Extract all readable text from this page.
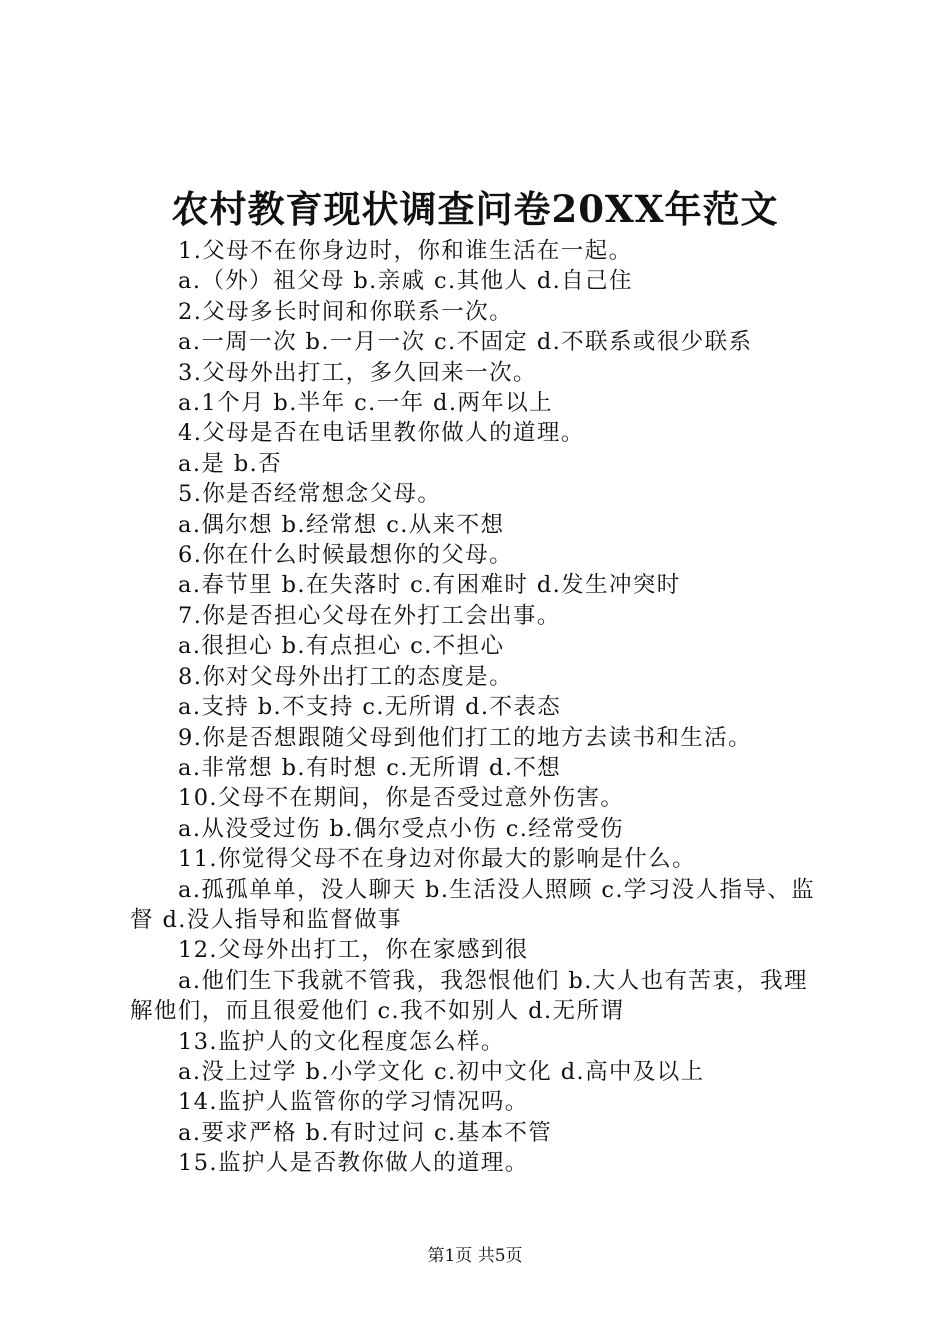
农村教育现状调查问卷20XX年范文
1.父母不在你身边时，你和谁生活在一起。
a.（外）祖父母 b.亲戚 c.其他人 d.自己住
2.父母多长时间和你联系一次。
a.一周一次 b.一月一次 c.不固定 d.不联系或很少联系
3.父母外出打工，多久回来一次。
a.1个月 b.半年 c.一年 d.两年以上
4.父母是否在电话里教你做人的道理。
a.是 b.否
5.你是否经常想念父母。
a.偶尔想 b.经常想 c.从来不想
6.你在什么时候最想你的父母。
a.春节里 b.在失落时 c.有困难时 d.发生冲突时
7.你是否担心父母在外打工会出事。
a.很担心 b.有点担心 c.不担心
8.你对父母外出打工的态度是。
a.支持 b.不支持 c.无所谓 d.不表态
9.你是否想跟随父母到他们打工的地方去读书和生活。
a.非常想 b.有时想 c.无所谓 d.不想
10.父母不在期间，你是否受过意外伤害。
a.从没受过伤 b.偶尔受点小伤 c.经常受伤
11.你觉得父母不在身边对你最大的影响是什么。
a.孤孤单单，没人聊天 b.生活没人照顾 c.学习没人指导、监督 d.没人指导和监督做事
12.父母外出打工，你在家感到很
a.他们生下我就不管我，我怨恨他们 b.大人也有苦衷，我理解他们，而且很爱他们 c.我不如别人 d.无所谓
13.监护人的文化程度怎么样。
a.没上过学 b.小学文化 c.初中文化 d.高中及以上
14.监护人监管你的学习情况吗。
a.要求严格 b.有时过问 c.基本不管
15.监护人是否教你做人的道理。
第1页 共5页
